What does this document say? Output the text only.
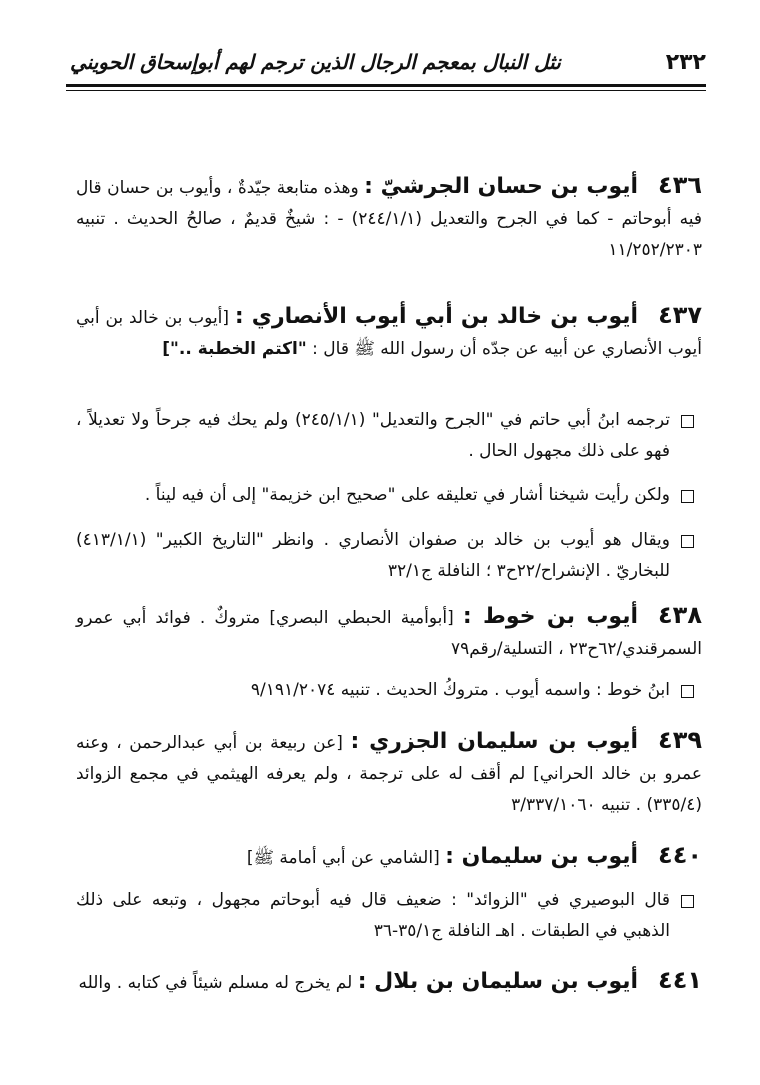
٢٣٢
نثل النبال بمعجم الرجال الذين ترجم لهم أبوإسحاق الحويني
٤٣٦أيوب بن حسان الجرشيّ : وهذه متابعة جيّدةٌ ، وأيوب بن حسان قال فيه أبوحاتم - كما في الجرح والتعديل (٢٤٤/١/١) - : شيخٌ قديمٌ ، صالحُ الحديث . تنبيه ١١/٢٥٢/٢٣٠٣
٤٣٧أيوب بن خالد بن أبي أيوب الأنصاري : [أيوب بن خالد بن أبي أيوب الأنصاري عن أبيه عن جدّه أن رسول الله ﷺ قال : "اكتم الخطبة .."]
ترجمه ابنُ أبي حاتم في "الجرح والتعديل" (٢٤٥/١/١) ولم يحك فيه جرحاً ولا تعديلاً ، فهو على ذلك مجهول الحال .
ولكن رأيت شيخنا أشار في تعليقه على "صحيح ابن خزيمة" إلى أن فيه ليناً .
ويقال هو أيوب بن خالد بن صفوان الأنصاري . وانظر "التاريخ الكبير" (٤١٣/١/١) للبخاريّ . الإنشراح/٢٢ح٣ ؛ النافلة ج٣٢/١
٤٣٨أيوب بن خوط : [أبوأمية الحبطي البصري] متروكٌ . فوائد أبي عمرو السمرقندي/٦٢ح٢٣ ، التسلية/رقم٧٩
ابنُ خوط : واسمه أيوب . متروكُ الحديث . تنبيه ٩/١٩١/٢٠٧٤
٤٣٩أيوب بن سليمان الجزري : [عن ربيعة بن أبي عبدالرحمن ، وعنه عمرو بن خالد الحراني] لم أقف له على ترجمة ، ولم يعرفه الهيثمي في مجمع الزوائد (٣٣٥/٤) . تنبيه ٣/٣٣٧/١٠٦٠
٤٤٠أيوب بن سليمان : [الشامي عن أبي أمامة ﷺ]
قال البوصيري في "الزوائد" : ضعيف قال فيه أبوحاتم مجهول ، وتبعه على ذلك الذهبي في الطبقات . اهـ النافلة ج٣٥/١-٣٦
٤٤١أيوب بن سليمان بن بلال : لم يخرج له مسلم شيئاً في كتابه . والله
